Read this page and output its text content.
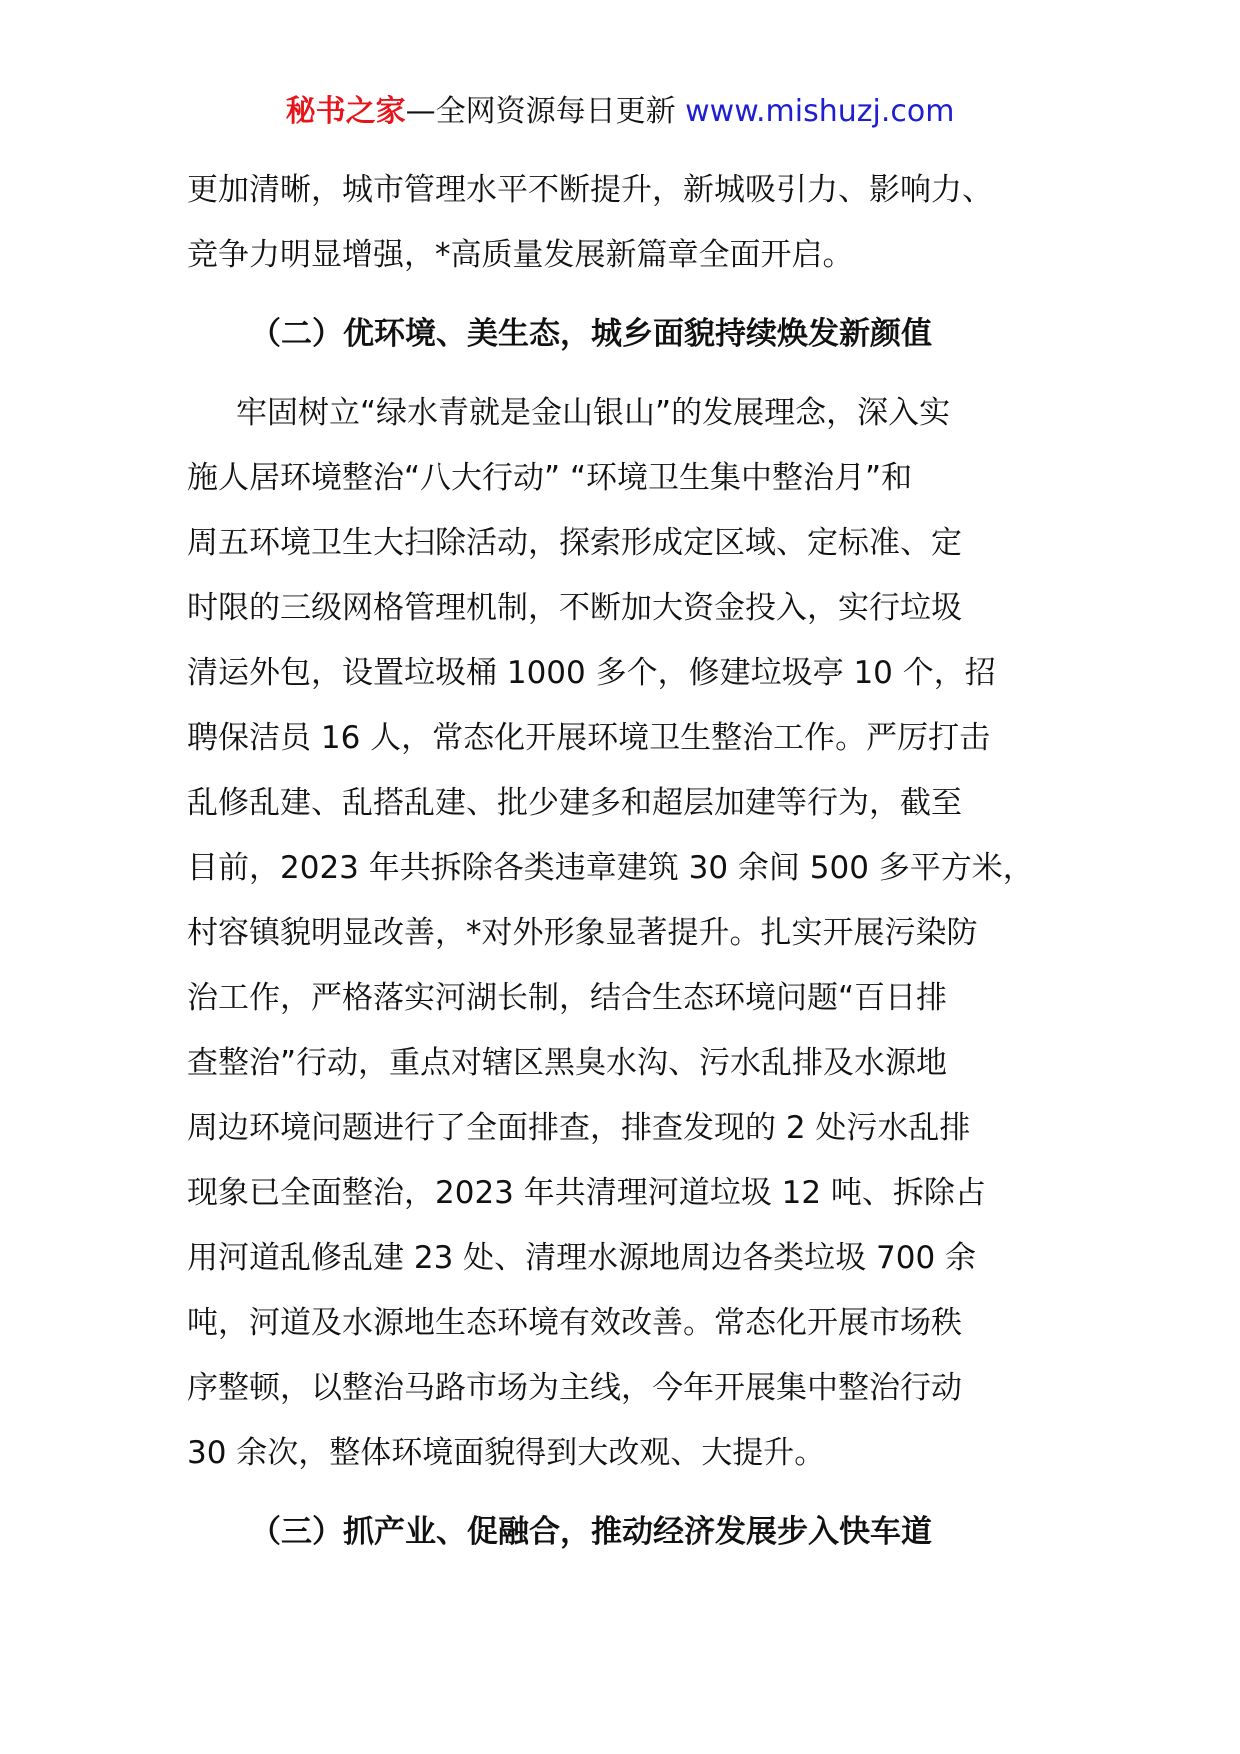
秘书之家—全网资源每日更新 www.mishuzj.com
更加清晰，城市管理水平不断提升，新城吸引力、影响力、
竞争力明显增强，*高质量发展新篇章全面开启。
（二）优环境、美生态，城乡面貌持续焕发新颜值
牢固树立“绿水青就是金山银山”的发展理念，深入实
施人居环境整治“八大行动” “环境卫生集中整治月”和
周五环境卫生大扫除活动，探索形成定区域、定标准、定
时限的三级网格管理机制，不断加大资金投入，实行垃圾
清运外包，设置垃圾桶 1000 多个，修建垃圾亭 10 个，招
聘保洁员 16 人，常态化开展环境卫生整治工作。严厉打击
乱修乱建、乱搭乱建、批少建多和超层加建等行为，截至
目前，2023 年共拆除各类违章建筑 30 余间 500 多平方米，
村容镇貌明显改善，*对外形象显著提升。扎实开展污染防
治工作，严格落实河湖长制，结合生态环境问题“百日排
查整治”行动，重点对辖区黑臭水沟、污水乱排及水源地
周边环境问题进行了全面排查，排查发现的 2 处污水乱排
现象已全面整治，2023 年共清理河道垃圾 12 吨、拆除占
用河道乱修乱建 23 处、清理水源地周边各类垃圾 700 余
吨，河道及水源地生态环境有效改善。常态化开展市场秩
序整顿，以整治马路市场为主线，今年开展集中整治行动
30 余次，整体环境面貌得到大改观、大提升。
（三）抓产业、促融合，推动经济发展步入快车道
